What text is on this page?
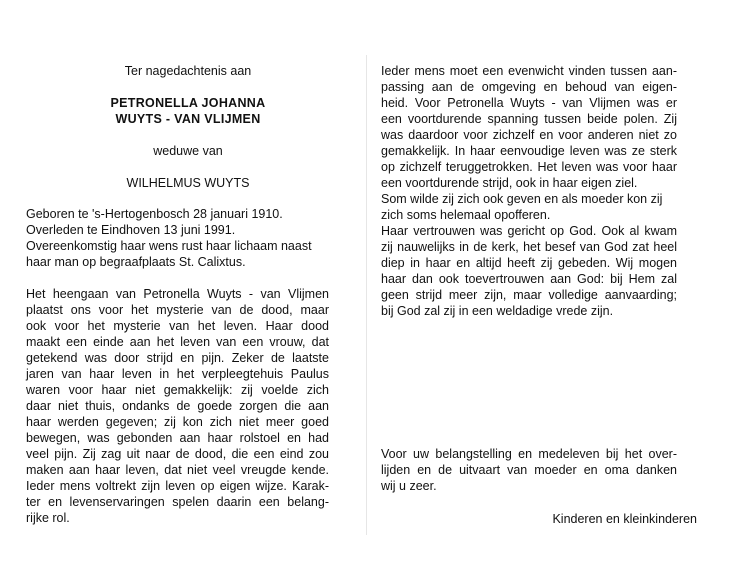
Ter nagedachtenis aan
PETRONELLA JOHANNA
WUYTS - VAN VLIJMEN
weduwe van
WILHELMUS WUYTS
Geboren te 's-Hertogenbosch 28 januari 1910.
Overleden te Eindhoven 13 juni 1991.
Overeenkomstig haar wens rust haar lichaam naast
haar man op begraafplaats St. Calixtus.
Het heengaan van Petronella Wuyts - van Vlijmen
plaatst ons voor het mysterie van de dood, maar
ook voor het mysterie van het leven. Haar dood
maakt een einde aan het leven van een vrouw, dat
getekend was door strijd en pijn. Zeker de laatste
jaren van haar leven in het verpleegtehuis Paulus
waren voor haar niet gemakkelijk: zij voelde zich
daar niet thuis, ondanks de goede zorgen die aan
haar werden gegeven; zij kon zich niet meer goed
bewegen, was gebonden aan haar rolstoel en had
veel pijn. Zij zag uit naar de dood, die een eind zou
maken aan haar leven, dat niet veel vreugde kende.
Ieder mens voltrekt zijn leven op eigen wijze. Karak-
ter en levenservaringen spelen daarin een belang-
rijke rol.
Ieder mens moet een evenwicht vinden tussen aan-
passing aan de omgeving en behoud van eigen-
heid. Voor Petronella Wuyts - van Vlijmen was er
een voortdurende spanning tussen beide polen. Zij
was daardoor voor zichzelf en voor anderen niet zo
gemakkelijk. In haar eenvoudige leven was ze sterk
op zichzelf teruggetrokken. Het leven was voor haar
een voortdurende strijd, ook in haar eigen ziel.
Som wilde zij zich ook geven en als moeder kon zij
zich soms helemaal opofferen.
Haar vertrouwen was gericht op God. Ook al kwam
zij nauwelijks in de kerk, het besef van God zat heel
diep in haar en altijd heeft zij gebeden. Wij mogen
haar dan ook toevertrouwen aan God: bij Hem zal
geen strijd meer zijn, maar volledige aanvaarding;
bij God zal zij in een weldadige vrede zijn.
Voor uw belangstelling en medeleven bij het over-
lijden en de uitvaart van moeder en oma danken
wij u zeer.
Kinderen en kleinkinderen
